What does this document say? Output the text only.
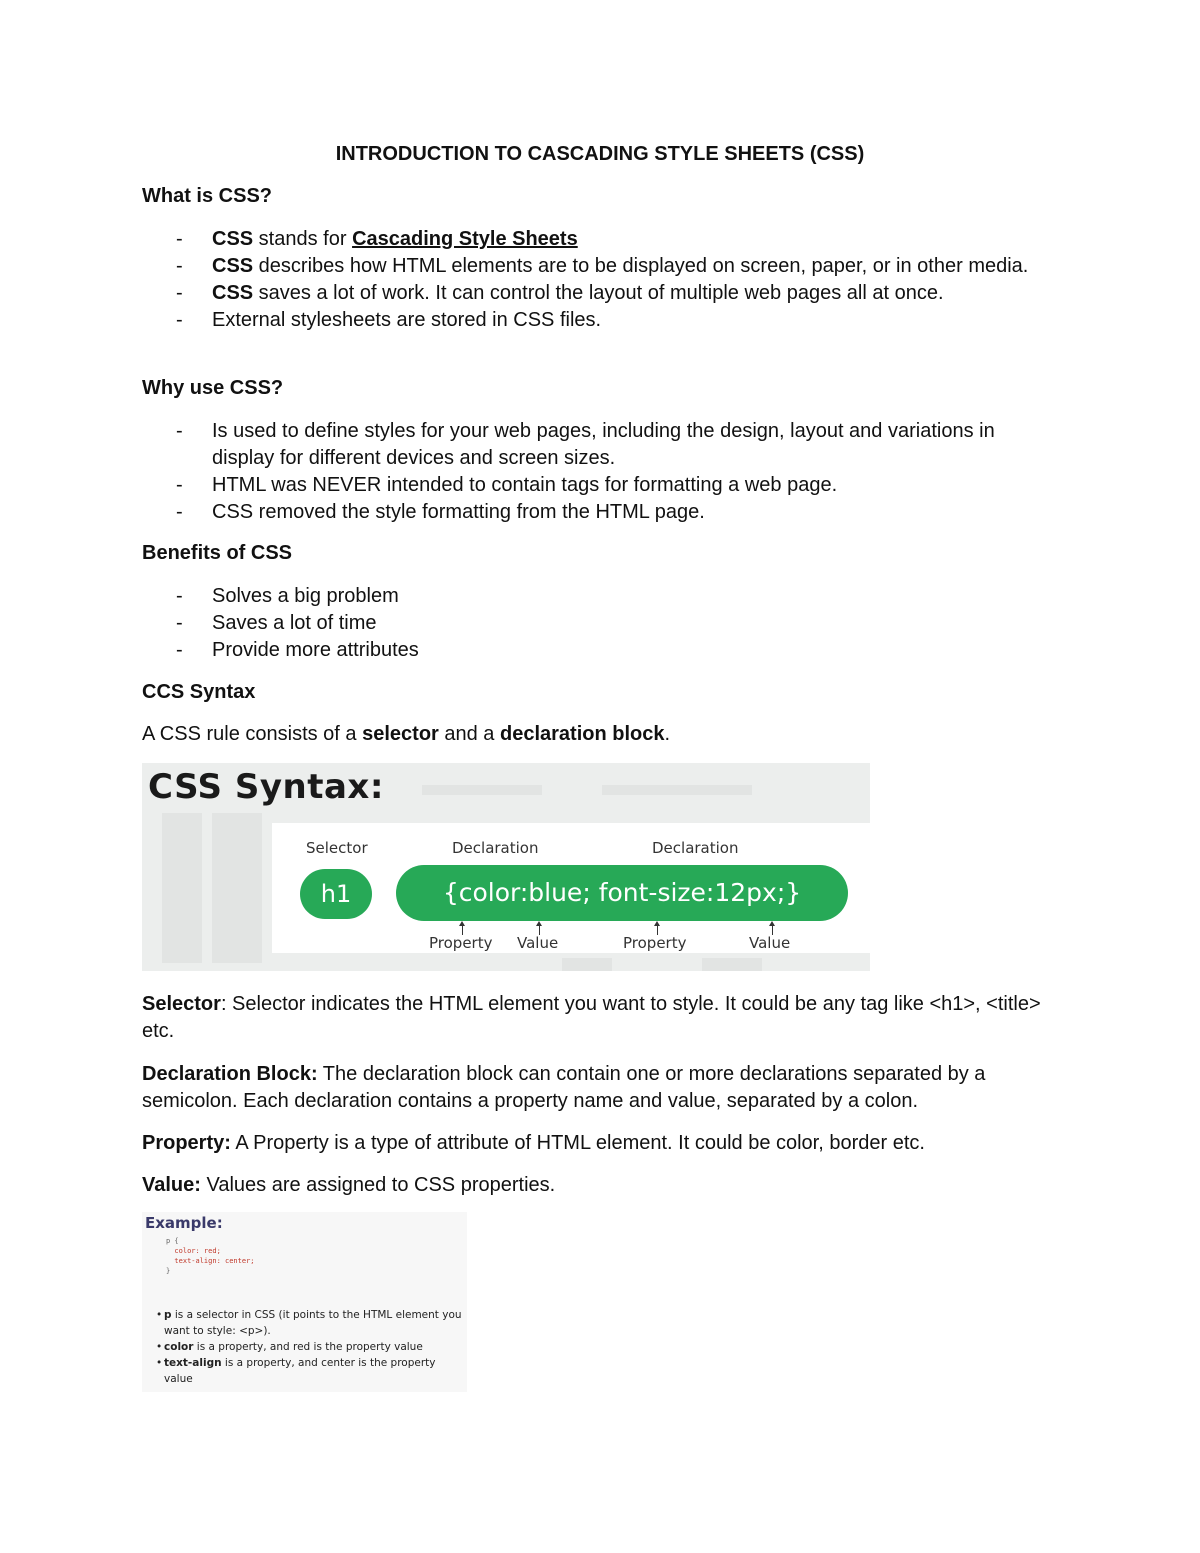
INTRODUCTION TO CASCADING STYLE SHEETS (CSS)
What is CSS?
- CSS stands for Cascading Style Sheets
- CSS describes how HTML elements are to be displayed on screen, paper, or in other media.
- CSS saves a lot of work. It can control the layout of multiple web pages all at once.
- External stylesheets are stored in CSS files.
Why use CSS?
- Is used to define styles for your web pages, including the design, layout and variations in display for different devices and screen sizes.
- HTML was NEVER intended to contain tags for formatting a web page.
- CSS removed the style formatting from the HTML page.
Benefits of CSS
- Solves a big problem
- Saves a lot of time
- Provide more attributes
CCS Syntax

A CSS rule consists of a selector and a declaration block.

CSS Syntax:
Selector	Declaration	Declaration
h1	{color:blue; font-size:12px;}
Property Value	Property	Value

Selector: Selector indicates the HTML element you want to style. It could be any tag like <h1>, <title> etc.

Declaration Block: The declaration block can contain one or more declarations separated by a semicolon. Each declaration contains a property name and value, separated by a colon.

Property: A Property is a type of attribute of HTML element. It could be color, border etc.

Value: Values are assigned to CSS properties.

Example:
p {
color: red;
text-align: center;
}
• p is a selector in CSS (it points to the HTML element you want to style: <p>).
• color is a property, and red is the property value
• text-align is a property, and center is the property value
